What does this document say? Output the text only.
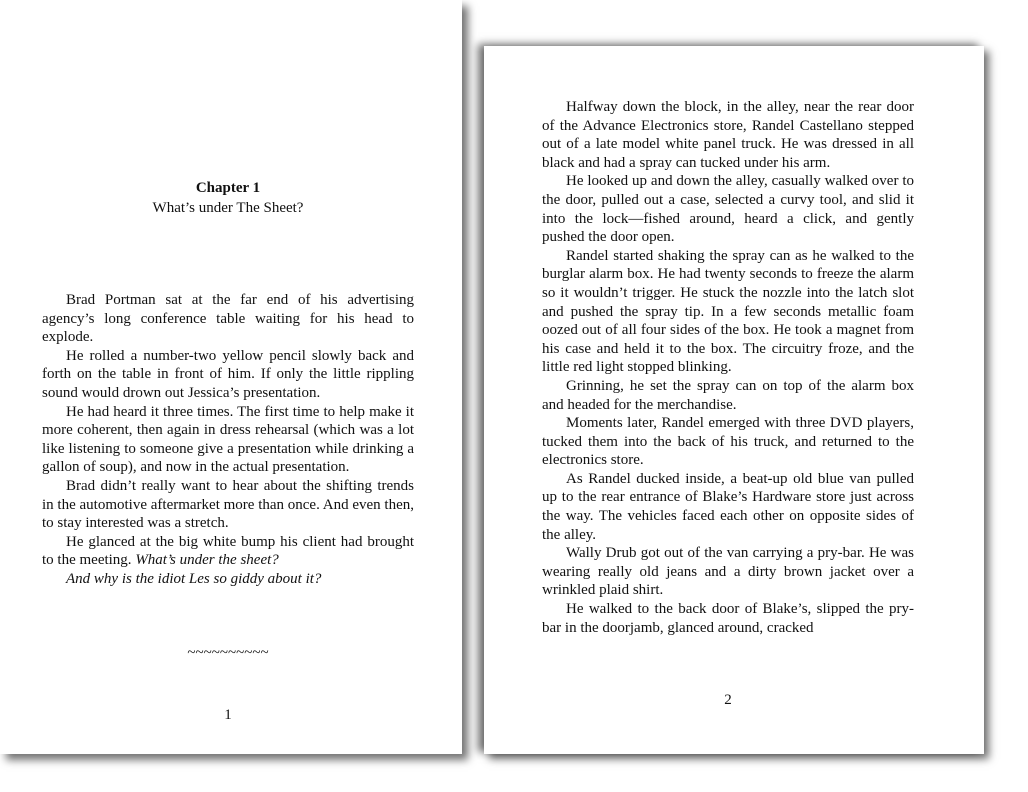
Chapter 1
What’s under The Sheet?

Brad Portman sat at the far end of his advertising agency’s long conference table waiting for his head to explode.

He rolled a number-two yellow pencil slowly back and forth on the table in front of him. If only the little rippling sound would drown out Jessica’s presentation.

He had heard it three times. The first time to help make it more coherent, then again in dress rehearsal (which was a lot like listening to someone give a presentation while drinking a gallon of soup), and now in the actual presentation.

Brad didn’t really want to hear about the shifting trends in the automotive aftermarket more than once. And even then, to stay interested was a stretch.

He glanced at the big white bump his client had brought to the meeting. What’s under the sheet?

And why is the idiot Les so giddy about it?

~~~~~~~~~~
1

Halfway down the block, in the alley, near the rear door of the Advance Electronics store, Randel Castellano stepped out of a late model white panel truck. He was dressed in all black and had a spray can tucked under his arm.

He looked up and down the alley, casually walked over to the door, pulled out a case, selected a curvy tool, and slid it into the lock—fished around, heard a click, and gently pushed the door open.

Randel started shaking the spray can as he walked to the burglar alarm box. He had twenty seconds to freeze the alarm so it wouldn’t trigger. He stuck the nozzle into the latch slot and pushed the spray tip. In a few seconds metallic foam oozed out of all four sides of the box. He took a magnet from his case and held it to the box. The circuitry froze, and the little red light stopped blinking.

Grinning, he set the spray can on top of the alarm box and headed for the merchandise.

Moments later, Randel emerged with three DVD players, tucked them into the back of his truck, and returned to the electronics store.

As Randel ducked inside, a beat-up old blue van pulled up to the rear entrance of Blake’s Hardware store just across the way. The vehicles faced each other on opposite sides of the alley.

Wally Drub got out of the van carrying a pry-bar. He was wearing really old jeans and a dirty brown jacket over a wrinkled plaid shirt.

He walked to the back door of Blake’s, slipped the pry-bar in the doorjamb, glanced around, cracked

2
